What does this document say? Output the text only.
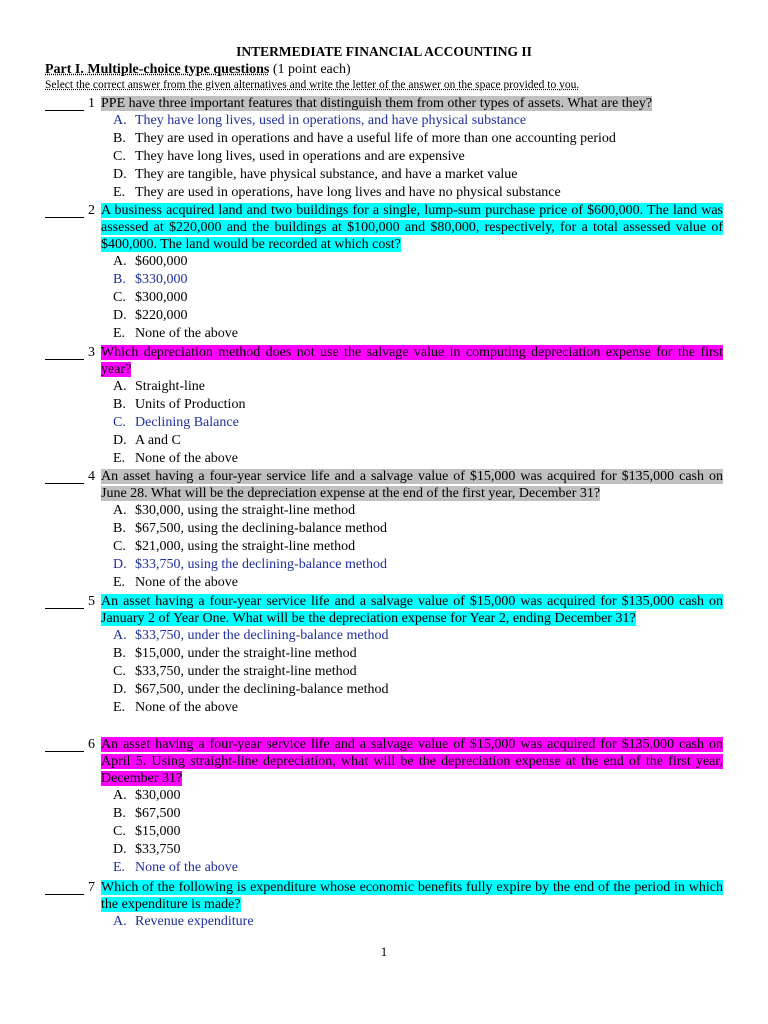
INTERMEDIATE FINANCIAL ACCOUNTING II
Part I. Multiple-choice type questions (1 point each)
Select the correct answer from the given alternatives and write the letter of the answer on the space provided to you.
1 PPE have three important features that distinguish them from other types of assets. What are they?
A. They have long lives, used in operations, and have physical substance
B. They are used in operations and have a useful life of more than one accounting period
C. They have long lives, used in operations and are expensive
D. They are tangible, have physical substance, and have a market value
E. They are used in operations, have long lives and have no physical substance
2 A business acquired land and two buildings for a single, lump-sum purchase price of $600,000. The land was assessed at $220,000 and the buildings at $100,000 and $80,000, respectively, for a total assessed value of $400,000. The land would be recorded at which cost?
A. $600,000
B. $330,000
C. $300,000
D. $220,000
E. None of the above
3 Which depreciation method does not use the salvage value in computing depreciation expense for the first year?
A. Straight-line
B. Units of Production
C. Declining Balance
D. A and C
E. None of the above
4 An asset having a four-year service life and a salvage value of $15,000 was acquired for $135,000 cash on June 28. What will be the depreciation expense at the end of the first year, December 31?
A. $30,000, using the straight-line method
B. $67,500, using the declining-balance method
C. $21,000, using the straight-line method
D. $33,750, using the declining-balance method
E. None of the above
5 An asset having a four-year service life and a salvage value of $15,000 was acquired for $135,000 cash on January 2 of Year One. What will be the depreciation expense for Year 2, ending December 31?
A. $33,750, under the declining-balance method
B. $15,000, under the straight-line method
C. $33,750, under the straight-line method
D. $67,500, under the declining-balance method
E. None of the above
6 An asset having a four-year service life and a salvage value of $15,000 was acquired for $135,000 cash on April 5. Using straight-line depreciation, what will be the depreciation expense at the end of the first year, December 31?
A. $30,000
B. $67,500
C. $15,000
D. $33,750
E. None of the above
7 Which of the following is expenditure whose economic benefits fully expire by the end of the period in which the expenditure is made?
A. Revenue expenditure
1
